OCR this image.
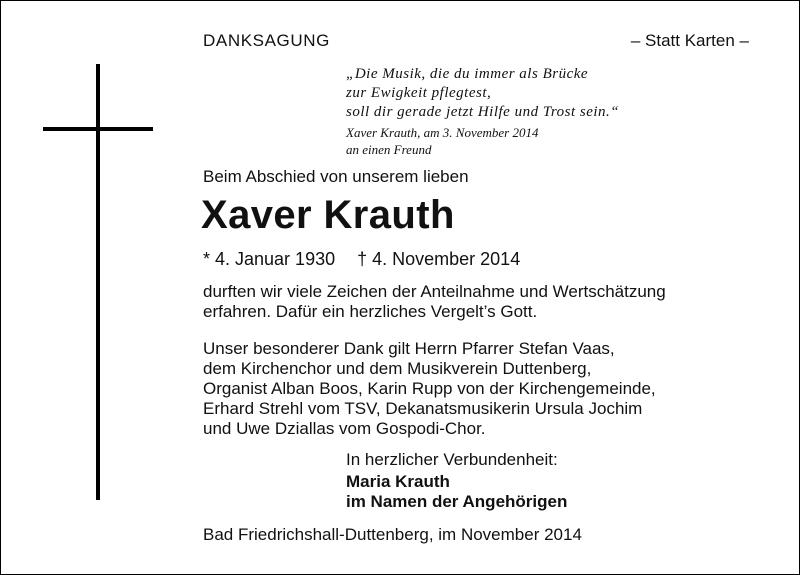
DANKSAGUNG	– Statt Karten –
„Die Musik, die du immer als Brücke
zur Ewigkeit pflegtest,
soll dir gerade jetzt Hilfe und Trost sein.“
Xaver Krauth, am 3. November 2014
an einen Freund
Beim Abschied von unserem lieben
Xaver Krauth
* 4. Januar 1930 † 4. November 2014
durften wir viele Zeichen der Anteilnahme und Wertschätzung
erfahren. Dafür ein herzliches Vergelt’s Gott.
Unser besonderer Dank gilt Herrn Pfarrer Stefan Vaas,
dem Kirchenchor und dem Musikverein Duttenberg,
Organist Alban Boos, Karin Rupp von der Kirchengemeinde,
Erhard Strehl vom TSV, Dekanatsmusikerin Ursula Jochim
und Uwe Dziallas vom Gospodi-Chor.
In herzlicher Verbundenheit:
Maria Krauth
im Namen der Angehörigen
Bad Friedrichshall-Duttenberg, im November 2014
